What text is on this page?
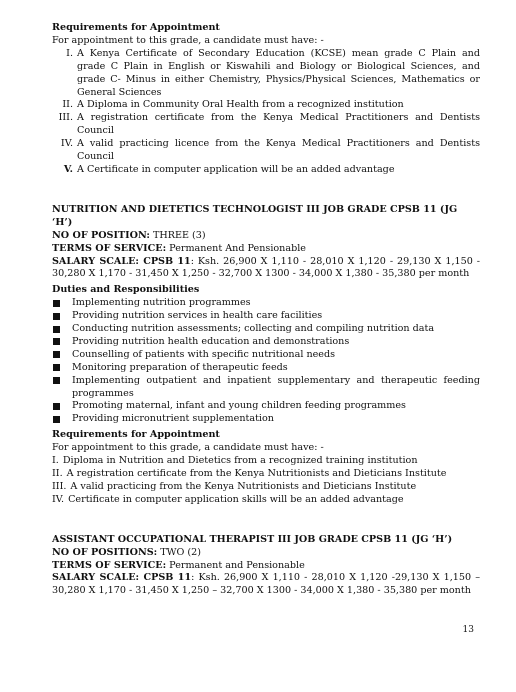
Requirements for Appointment

For appointment to this grade, a candidate must have: -

I. A Kenya Certificate of Secondary Education (KCSE) mean grade C Plain and grade C Plain in English or Kiswahili and Biology or Biological Sciences, and grade C- Minus in either Chemistry, Physics/Physical Sciences, Mathematics or General Sciences
II. A Diploma in Community Oral Health from a recognized institution
III. A registration certificate from the Kenya Medical Practitioners and Dentists Council
IV. A valid practicing licence from the Kenya Medical Practitioners and Dentists Council
V. A Certificate in computer application will be an added advantage

NUTRITION AND DIETETICS TECHNOLOGIST III JOB GRADE CPSB 11 (JG ‘H’)

NO OF POSITION: THREE (3)

TERMS OF SERVICE: Permanent And Pensionable

SALARY SCALE: CPSB 11: Ksh. 26,900 X 1,110 - 28,010 X 1,120 - 29,130 X 1,150 - 30,280 X 1,170 - 31,450 X 1,250 - 32,700 X 1300 - 34,000 X 1,380 - 35,380 per month

Duties and Responsibilities

Implementing nutrition programmes
Providing nutrition services in health care facilities
Conducting nutrition assessments; collecting and compiling nutrition data
Providing nutrition health education and demonstrations
Counselling of patients with specific nutritional needs
Monitoring preparation of therapeutic feeds
Implementing outpatient and inpatient supplementary and therapeutic feeding programmes
Promoting maternal, infant and young children feeding programmes
Providing micronutrient supplementation

Requirements for Appointment

For appointment to this grade, a candidate must have: -

I. Diploma in Nutrition and Dietetics from a recognized training institution
II. A registration certificate from the Kenya Nutritionists and Dieticians Institute
III. A valid practicing from the Kenya Nutritionists and Dieticians Institute
IV. Certificate in computer application skills will be an added advantage

ASSISTANT OCCUPATIONAL THERAPIST III JOB GRADE CPSB 11 (JG ‘H’)

NO OF POSITIONS: TWO (2)

TERMS OF SERVICE: Permanent and Pensionable

SALARY SCALE: CPSB 11: Ksh. 26,900 X 1,110 - 28,010 X 1,120 -29,130 X 1,150 – 30,280 X 1,170 - 31,450 X 1,250 – 32,700 X 1300 - 34,000 X 1,380 - 35,380 per month

13
